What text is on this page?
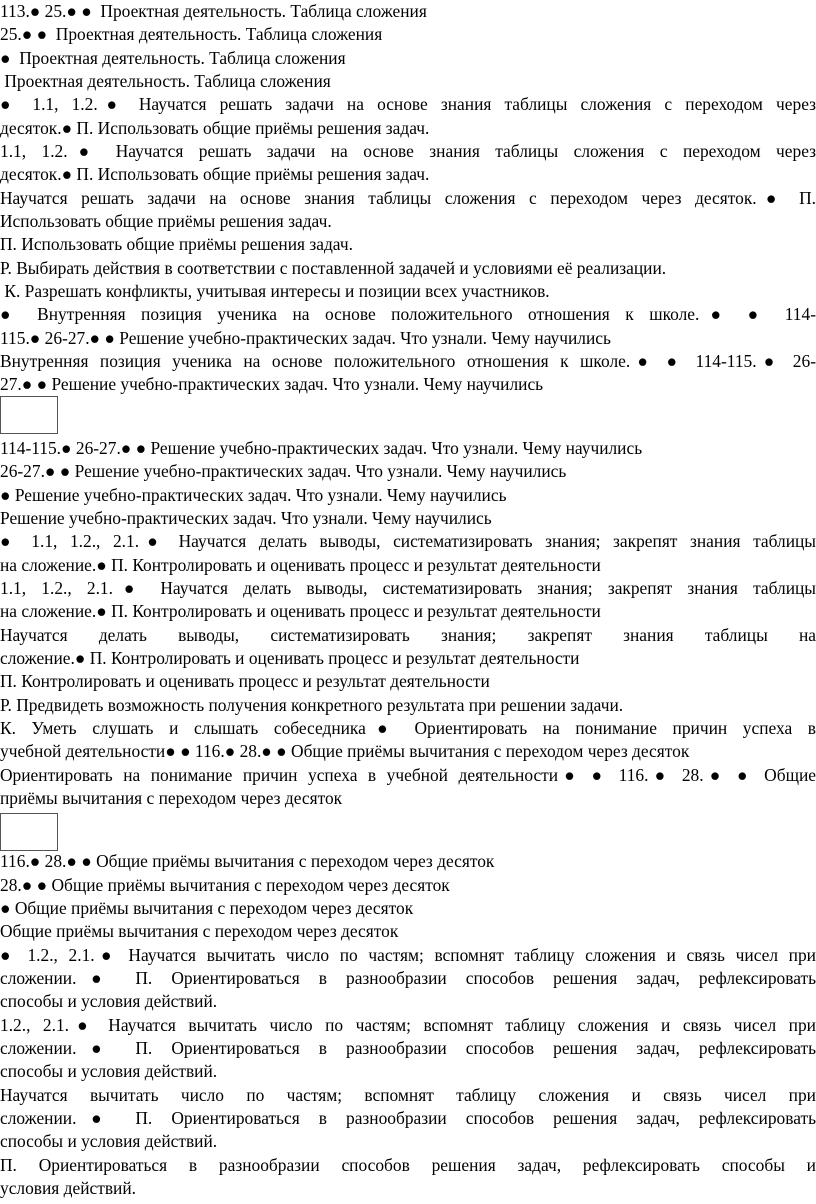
113.● 25.● ●  Проектная деятельность. Таблица сложения
25.● ●  Проектная деятельность. Таблица сложения
●  Проектная деятельность. Таблица сложения
Проектная деятельность. Таблица сложения
● 1.1, 1.2.● Научатся решать задачи на основе знания таблицы сложения с переходом через
десяток.● П. Использовать общие приёмы решения задач.
1.1, 1.2.● Научатся решать задачи на основе знания таблицы сложения с переходом через
десяток.● П. Использовать общие приёмы решения задач.
Научатся решать задачи на основе знания таблицы сложения с переходом через десяток.● П.
Использовать общие приёмы решения задач.
П. Использовать общие приёмы решения задач.
Р. Выбирать действия в соответствии с поставленной задачей и условиями её реализации.
К. Разрешать конфликты, учитывая интересы и позиции всех участников.
● Внутренняя позиция ученика на основе положительного отношения к школе.● ● 114-
115.● 26-27.● ● Решение учебно-практических задач. Что узнали. Чему научились
Внутренняя позиция ученика на основе положительного отношения к школе.● ● 114-115.● 26-
27.● ● Решение учебно-практических задач. Что узнали. Чему научились
114-115.● 26-27.● ● Решение учебно-практических задач. Что узнали. Чему научились
26-27.● ● Решение учебно-практических задач. Что узнали. Чему научились
● Решение учебно-практических задач. Что узнали. Чему научились
Решение учебно-практических задач. Что узнали. Чему научились
● 1.1, 1.2., 2.1.● Научатся делать выводы, систематизировать знания; закрепят знания таблицы
на сложение.● П. Контролировать и оценивать процесс и результат деятельности
1.1, 1.2., 2.1.● Научатся делать выводы, систематизировать знания; закрепят знания таблицы
на сложение.● П. Контролировать и оценивать процесс и результат деятельности
Научатся делать выводы, систематизировать знания; закрепят знания таблицы на
сложение.● П. Контролировать и оценивать процесс и результат деятельности
П. Контролировать и оценивать процесс и результат деятельности
Р. Предвидеть возможность получения конкретного результата при решении задачи.
К. Уметь слушать и слышать собеседника● Ориентировать на понимание причин успеха в
учебной деятельности● ● 116.● 28.● ● Общие приёмы вычитания с переходом через десяток
Ориентировать на понимание причин успеха в учебной деятельности● ● 116.● 28.● ● Общие
приёмы вычитания с переходом через десяток
116.● 28.● ● Общие приёмы вычитания с переходом через десяток
28.● ● Общие приёмы вычитания с переходом через десяток
● Общие приёмы вычитания с переходом через десяток
Общие приёмы вычитания с переходом через десяток
● 1.2., 2.1.● Научатся вычитать число по частям; вспомнят таблицу сложения и связь чисел при
сложении.● П. Ориентироваться в разнообразии способов решения задач, рефлексировать
способы и условия действий.
1.2., 2.1.● Научатся вычитать число по частям; вспомнят таблицу сложения и связь чисел при
сложении.● П. Ориентироваться в разнообразии способов решения задач, рефлексировать
способы и условия действий.
Научатся вычитать число по частям; вспомнят таблицу сложения и связь чисел при
сложении.● П. Ориентироваться в разнообразии способов решения задач, рефлексировать
способы и условия действий.
П. Ориентироваться в разнообразии способов решения задач, рефлексировать способы и
условия действий.
